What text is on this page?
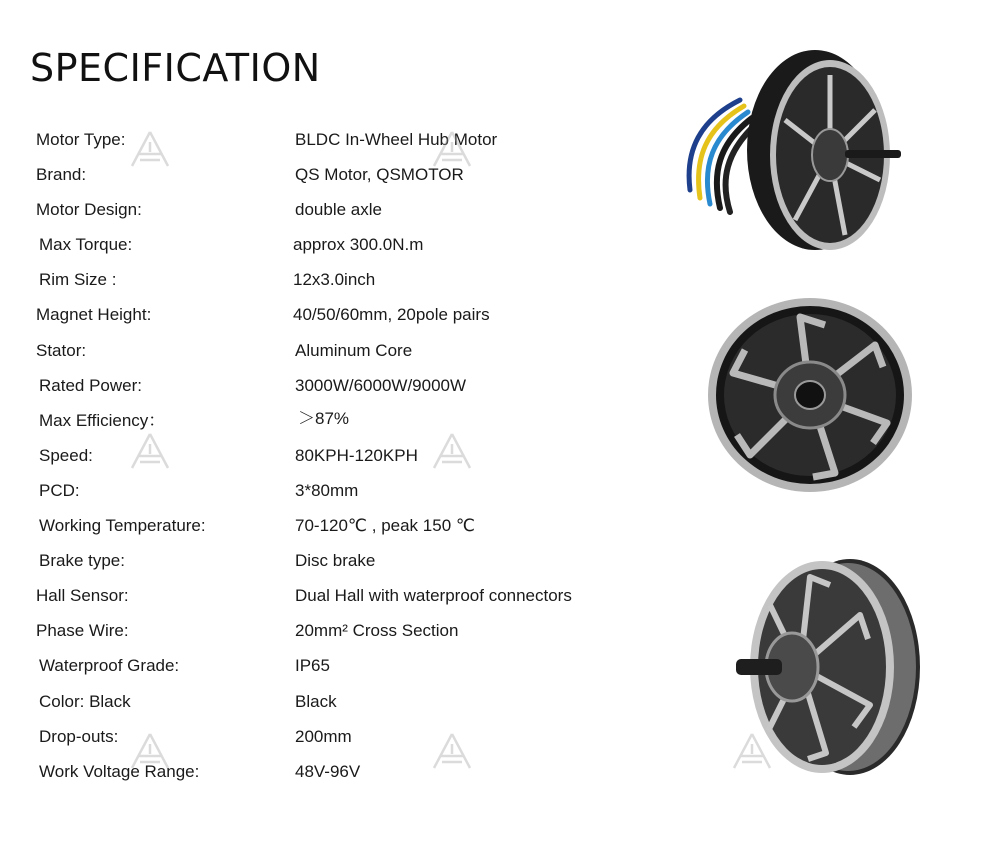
SPECIFICATION
Motor Type:	BLDC In-Wheel Hub Motor
Brand:	QS Motor, QSMOTOR
Motor Design:	double axle
Max Torque:	approx 300.0N.m
Rim Size :	12x3.0inch
Magnet Height:	40/50/60mm, 20pole pairs
Stator:	Aluminum Core
Rated Power:	3000W/6000W/9000W
Max Efficiency：	＞87%
Speed:	80KPH-120KPH
PCD:	3*80mm
Working Temperature:	70-120℃ , peak 150 ℃
Brake type:	Disc brake
Hall Sensor:	Dual Hall with waterproof connectors
Phase Wire:	20mm² Cross Section
Waterproof Grade:	IP65
Color: Black	Black
Drop-outs:	200mm
Work Voltage Range:	48V-96V
